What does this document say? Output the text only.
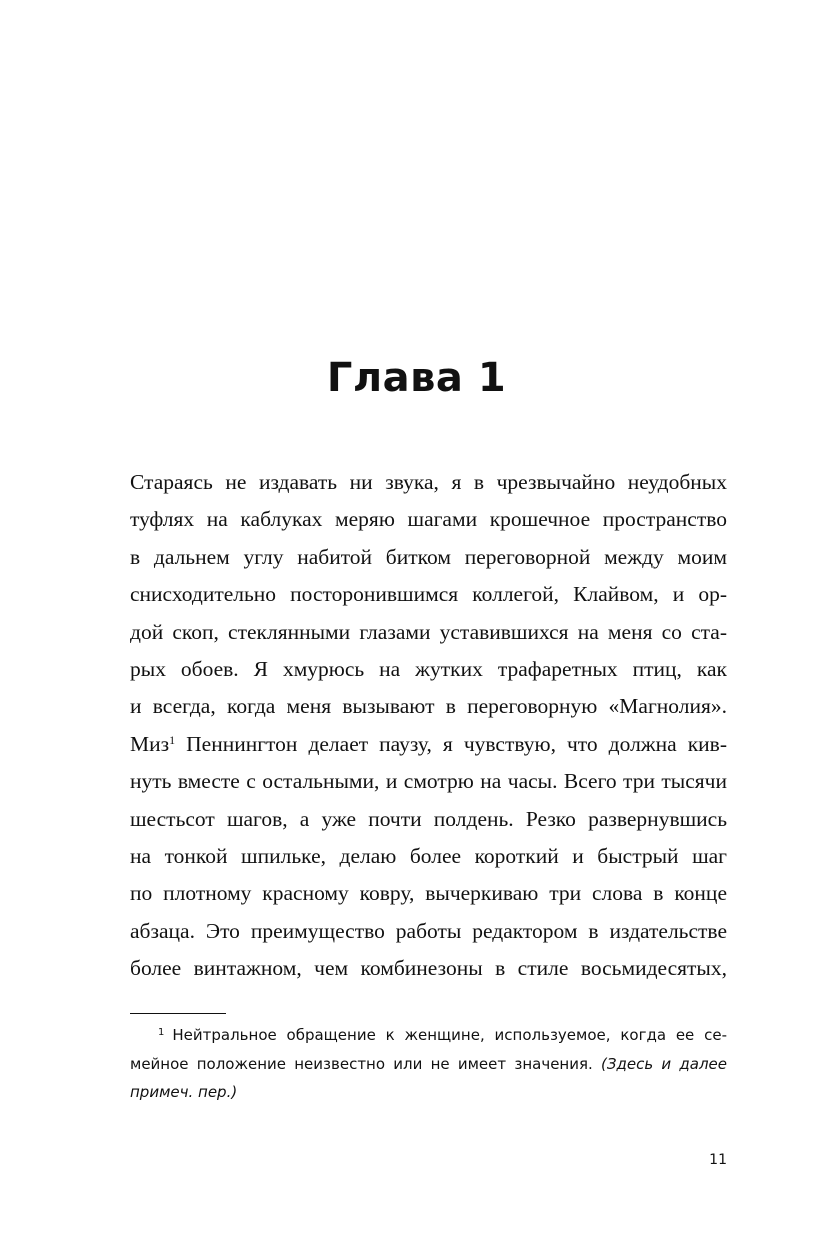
Глава 1
Стараясь не издавать ни звука, я в чрезвычайно неудобных
туфлях на каблуках меряю шагами крошечное пространство
в дальнем углу набитой битком переговорной между моим
снисходительно посторонившимся коллегой, Клайвом, и ор-
дой скоп, стеклянными глазами уставившихся на меня со ста-
рых обоев. Я хмурюсь на жутких трафаретных птиц, как
и всегда, когда меня вызывают в переговорную «Магнолия».
Миз$^1$ Пеннингтон делает паузу, я чувствую, что должна кив-
нуть вместе с остальными, и смотрю на часы. Всего три тысячи
шестьсот шагов, а уже почти полдень. Резко развернувшись
на тонкой шпильке, делаю более короткий и быстрый шаг
по плотному красному ковру, вычеркиваю три слова в конце
абзаца. Это преимущество работы редактором в издательстве
более винтажном, чем комбинезоны в стиле восьмидесятых,
$^1$ Нейтральное обращение к женщине, используемое, когда ее се-
мейное положение неизвестно или не имеет значения. (Здесь и далее
примеч. пер.)
11
